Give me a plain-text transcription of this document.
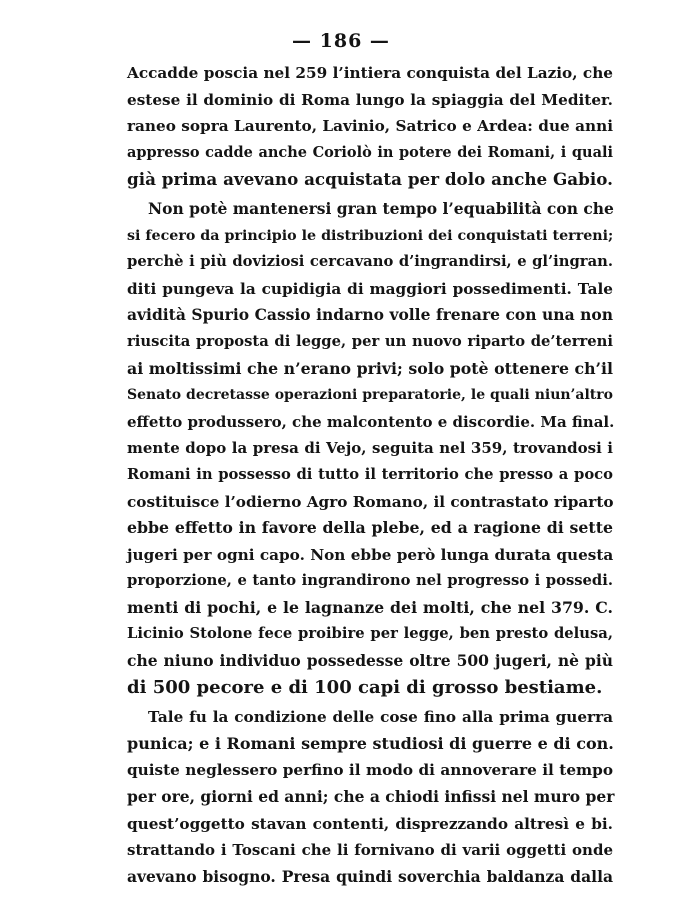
— 186 —
Accadde poscia nel 259 l’intiera conquista del Lazio, che
estese il dominio di Roma lungo la spiaggia del Mediter.
raneo sopra Laurento, Lavinio, Satrico e Ardea: due anni
appresso cadde anche Coriolò in potere dei Romani, i quali
già prima avevano acquistata per dolo anche Gabio.
Non potè mantenersi gran tempo l’equabilità con che
si fecero da principio le distribuzioni dei conquistati terreni;
perchè i più doviziosi cercavano d’ingrandirsi, e gl’ingran.
diti pungeva la cupidigia di maggiori possedimenti. Tale
avidità Spurio Cassio indarno volle frenare con una non
riuscita proposta di legge, per un nuovo riparto de’terreni
ai moltissimi che n’erano privi; solo potè ottenere ch’il
Senato decretasse operazioni preparatorie, le quali niun’altro
effetto produssero, che malcontento e discordie. Ma final.
mente dopo la presa di Vejo, seguita nel 359, trovandosi i
Romani in possesso di tutto il territorio che presso a poco
costituisce l’odierno Agro Romano, il contrastato riparto
ebbe effetto in favore della plebe, ed a ragione di sette
jugeri per ogni capo. Non ebbe però lunga durata questa
proporzione, e tanto ingrandirono nel progresso i possedi.
menti di pochi, e le lagnanze dei molti, che nel 379. C.
Licinio Stolone fece proibire per legge, ben presto delusa,
che niuno individuo possedesse oltre 500 jugeri, nè più
di 500 pecore e di 100 capi di grosso bestiame.
Tale fu la condizione delle cose fino alla prima guerra
punica; e i Romani sempre studiosi di guerre e di con.
quiste neglessero perfino il modo di annoverare il tempo
per ore, giorni ed anni; che a chiodi infissi nel muro per
quest’oggetto stavan contenti, disprezzando altresì e bi.
strattando i Toscani che li fornivano di varii oggetti onde
avevano bisogno. Presa quindi soverchia baldanza dalla
